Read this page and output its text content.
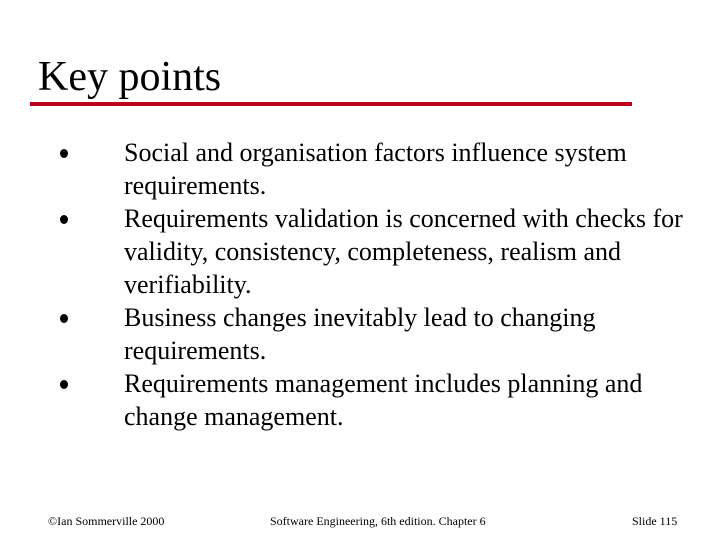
Key points
Social and organisation factors influence system requirements.
Requirements validation is concerned with checks for validity, consistency, completeness, realism and verifiability.
Business changes inevitably lead to changing requirements.
Requirements management includes planning and change management.
©Ian Sommerville 2000	Software Engineering, 6th edition. Chapter 6	Slide 115
